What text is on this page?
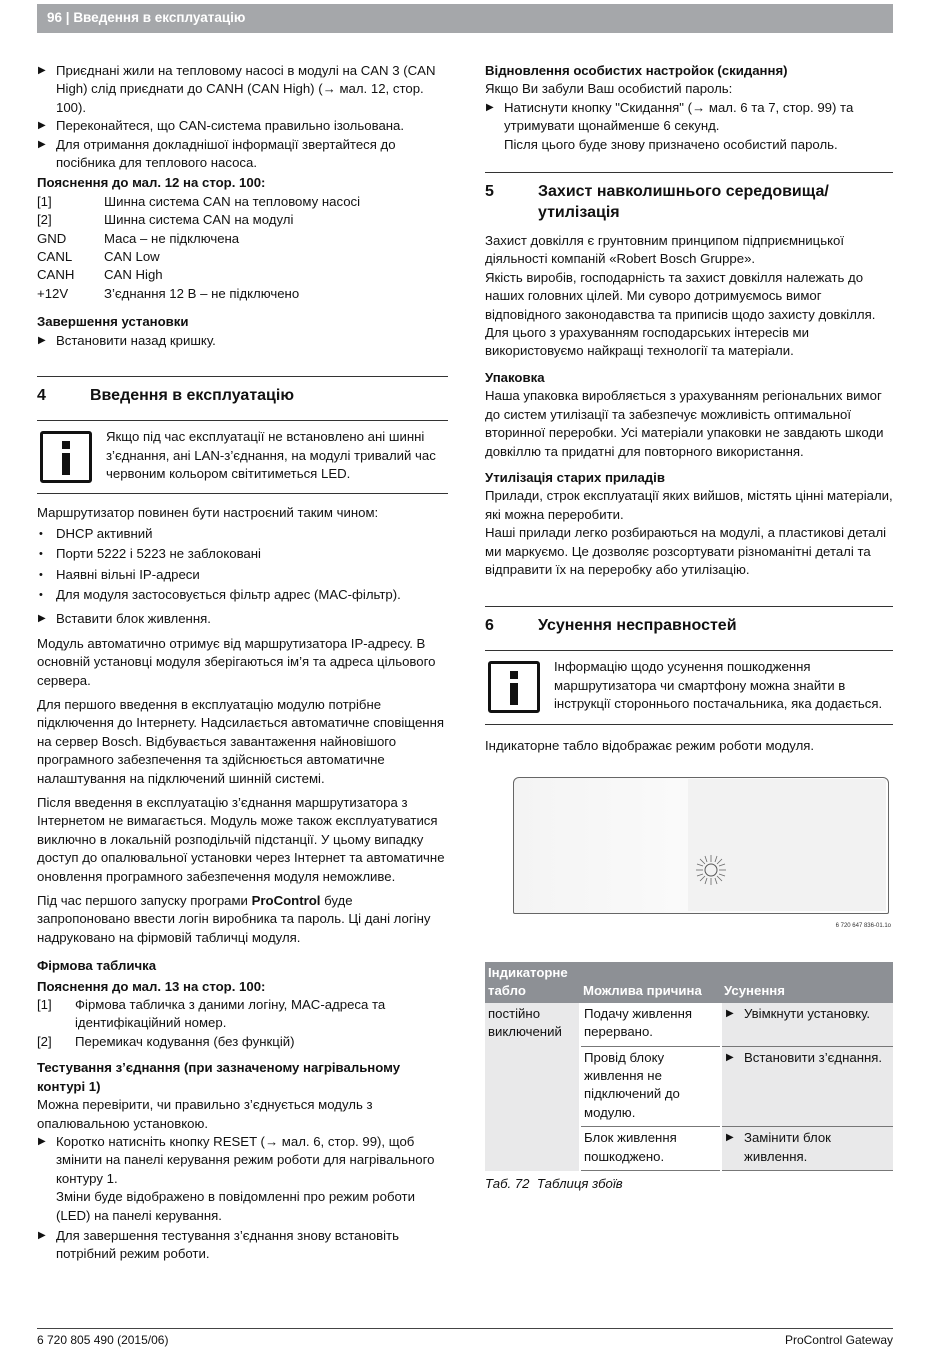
96 | Введення в експлуатацію

▶ Приєднані жили на тепловому насосі в модулі на CAN 3 (CAN High) слід приєднати до CANH (CAN High) (→ мал. 12, стор. 100).

▶ Переконайтеся, що CAN-система правильно ізольована.

▶ Для отримання докладнішої інформації звертайтеся до посібника для теплового насоса.

Пояснення до мал. 12 на стор. 100:

[1]	Шинна система CAN на тепловому насосі
[2]	Шинна система CAN на модулі
GND	Маса – не підключена
CANL	CAN Low
CANH	CAN High
+12V	З’єднання 12 В – не підключено

Завершення установки

▶ Встановити назад кришку.

4	Введення в експлуатацію

Якщо під час експлуатації не встановлено ані шинні з’єднання, ані LAN-з’єднання, на модулі тривалий час червоним кольором світитиметься LED.

Маршрутизатор повинен бути настроєний таким чином:

• DHCP активний

• Порти 5222 і 5223 не заблоковані

• Наявні вільні IP-адреси

• Для модуля застосовується фільтр адрес (MAC-фільтр).

▶ Вставити блок живлення.

Модуль автоматично отримує від маршрутизатора IP-адресу. В основній установці модуля зберігаються ім’я та адреса цільового сервера.

Для першого введення в експлуатацію модулю потрібне підключення до Інтернету. Надсилається автоматичне сповіщення на сервер Bosch. Відбувається завантаження найновішого програмного забезпечення та здійснюється автоматичне налаштування на підключений шинній системі.

Після введення в експлуатацію з’єднання маршрутизатора з Інтернетом не вимагається. Модуль може також експлуатуватися виключно в локальній розподільчій підстанції. У цьому випадку доступ до опалювальної установки через Інтернет та автоматичне оновлення програмного забезпечення модуля неможливе.

Під час першого запуску програми ProControl буде запропоновано ввести логін виробника та пароль. Ці дані логіну надруковано на фірмовій табличці модуля.

Фірмова табличка

Пояснення до мал. 13 на стор. 100:

[1]	Фірмова табличка з даними логіну, MAC-адреса та ідентифікаційний номер.
[2]	Перемикач кодування (без функцій)

Тестування з’єднання (при зазначеному нагрівальному контурі 1)

Можна перевірити, чи правильно з’єднується модуль з опалювальною установкою.

▶ Коротко натисніть кнопку RESET (→ мал. 6, стор. 99), щоб змінити на панелі керування режим роботи для нагрівального контуру 1.

Зміни буде відображено в повідомленні про режим роботи (LED) на панелі керування.

▶ Для завершення тестування з’єднання знову встановіть потрібний режим роботи.

Відновлення особистих настройок (скидання)

Якщо Ви забули Ваш особистий пароль:

▶ Натиснути кнопку "Скидання" (→ мал. 6 та 7, стор. 99) та утримувати щонайменше 6 секунд.

Після цього буде знову призначено особистий пароль.

5	Захист навколишнього середовища/ утилізація

Захист довкілля є грунтовним принципом підприємницької діяльності компаній «Robert Bosch Gruppe».

Якість виробів, господарність та захист довкілля належать до наших головних цілей. Ми суворо дотримуємось вимог відповідного законодавства та приписів щодо захисту довкілля.

Для цього з урахуванням господарських інтересів ми використовуємо найкращі технології та матеріали.

Упаковка

Наша упаковка виробляється з урахуванням регіональних вимог до систем утилізації та забезпечує можливість оптимальної вторинної переробки. Усі матеріали упаковки не завдають шкоди довкіллю та придатні для повторного використання.

Утилізація старих приладів

Прилади, строк експлуатації яких вийшов, містять цінні матеріали, які можна переробити.

Наші прилади легко розбираються на модулі, а пластикові деталі ми маркуємо. Це дозволяє розсортувати різноманітні деталі та відправити їх на переробку або утилізацію.

6	Усунення несправностей

Інформацію щодо усунення пошкодження маршрутизатора чи смартфону можна знайти в інструкції стороннього постачальника, яка додається.

Індикаторне табло відображає режим роботи модуля.

6 720 647 836-01.1o
Індикаторне табло	Можлива причина	Усунення
постійно виключений	Подачу живлення перервано.	▶ Увімкнути установку.

	Провід блоку живлення не підключений до модулю.	▶ Встановити з’єднання.

	Блок живлення пошкоджено.	▶ Замінити блок живлення.

Таб. 72 Таблиця збоїв

6 720 805 490 (2015/06)	ProControl Gateway
